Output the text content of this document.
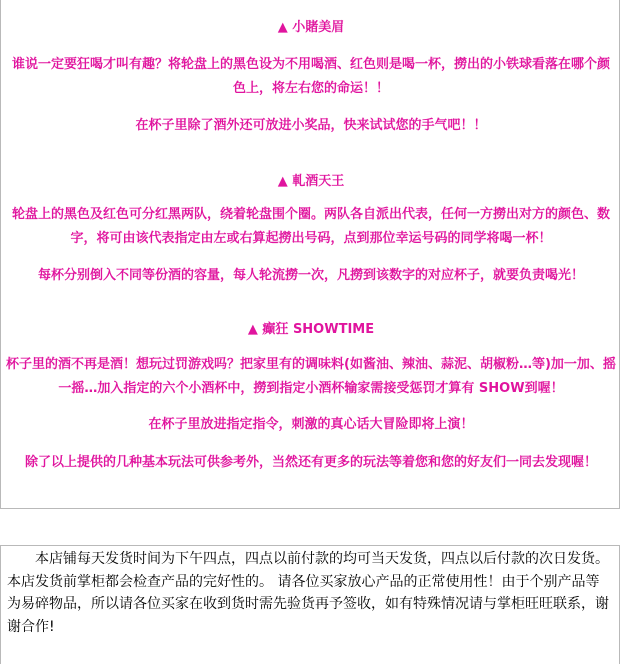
▲ 小賭美眉

谁说一定要狂喝才叫有趣？将轮盘上的黑色设为不用喝酒、红色则是喝一杯，撈出的小铁球看落在哪个颜色上，将左右您的命运！！

在杯子里除了酒外还可放进小奖品，快来试试您的手气吧！！

▲ 軋酒天王

轮盘上的黑色及红色可分红黑两队，绕着轮盘围个圈。两队各自派出代表，任何一方撈出对方的颜色、数字，将可由该代表指定由左或右算起撈出号码，点到那位幸运号码的同学将喝一杯！

每杯分别倒入不同等份酒的容量，每人轮流撈一次，凡撈到该数字的对应杯子，就要负责喝光！

▲ 癫狂 SHOWTIME

杯子里的酒不再是酒！想玩过罚游戏吗？把家里有的调味料(如酱油、辣油、蒜泥、胡椒粉…等)加一加、摇一摇…加入指定的六个小酒杯中，撈到指定小酒杯输家需接受惩罚才算有 SHOW到喔！

在杯子里放进指定指令，刺激的真心话大冒险即将上演！

除了以上提供的几种基本玩法可供参考外，当然还有更多的玩法等着您和您的好友们一同去发现喔！

本店铺每天发货时间为下午四点，四点以前付款的均可当天发货，四点以后付款的次日发货。本店发货前掌柜都会检查产品的完好性的。 请各位买家放心产品的正常使用性！由于个别产品等为易碎物品，所以请各位买家在收到货时需先验货再予签收，如有特殊情况请与掌柜旺旺联系，谢谢合作!
